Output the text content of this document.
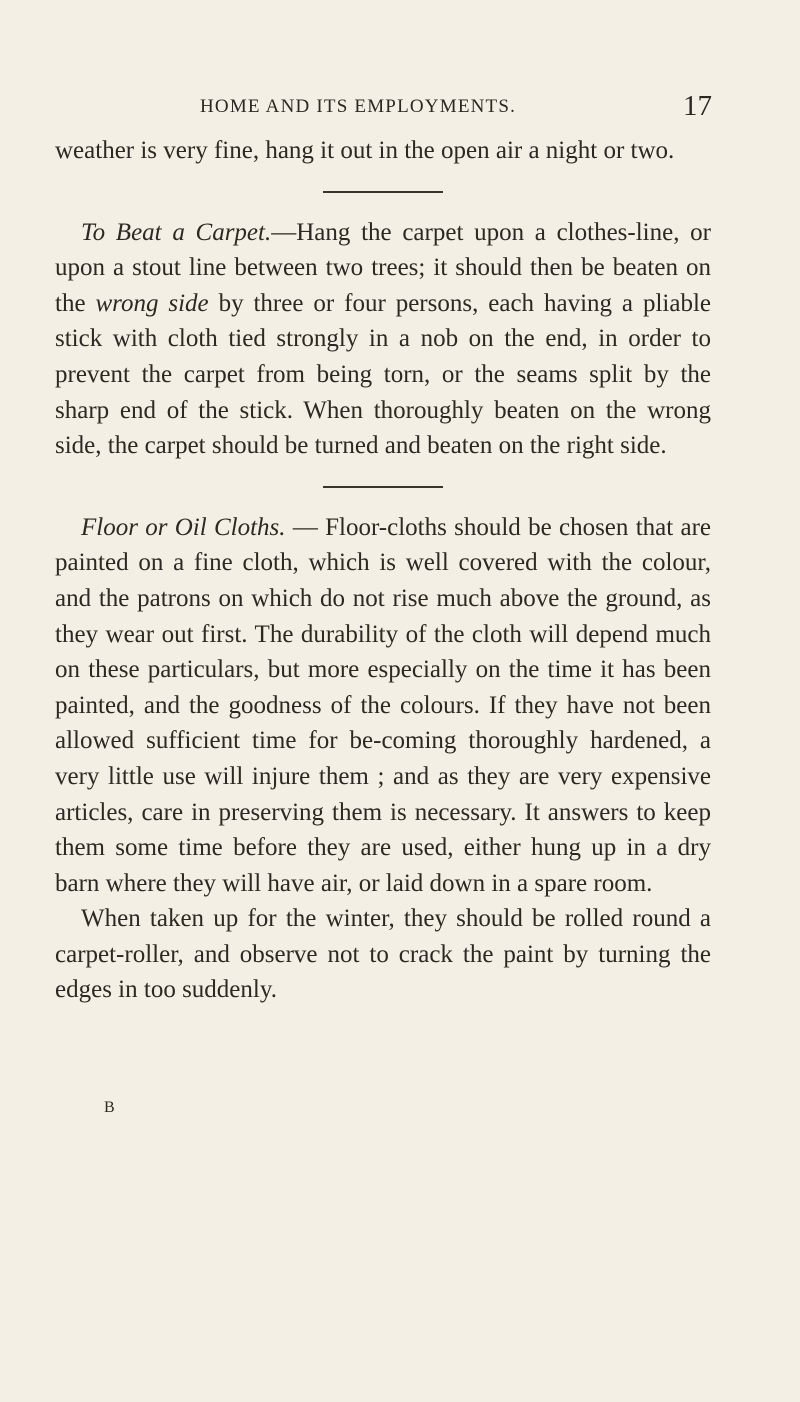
HOME AND ITS EMPLOYMENTS.	17

weather is very fine, hang it out in the open air a night or two.

To Beat a Carpet.—Hang the carpet upon a clothes-line, or upon a stout line between two trees; it should then be beaten on the wrong side by three or four persons, each having a pliable stick with cloth tied strongly in a nob on the end, in order to prevent the carpet from being torn, or the seams split by the sharp end of the stick. When thoroughly beaten on the wrong side, the carpet should be turned and beaten on the right side.

Floor or Oil Cloths. — Floor-cloths should be chosen that are painted on a fine cloth, which is well covered with the colour, and the patrons on which do not rise much above the ground, as they wear out first. The durability of the cloth will depend much on these particulars, but more especially on the time it has been painted, and the goodness of the colours. If they have not been allowed sufficient time for be-coming thoroughly hardened, a very little use will injure them ; and as they are very expensive articles, care in preserving them is necessary. It answers to keep them some time before they are used, either hung up in a dry barn where they will have air, or laid down in a spare room.

When taken up for the winter, they should be rolled round a carpet-roller, and observe not to crack the paint by turning the edges in too suddenly.

B
